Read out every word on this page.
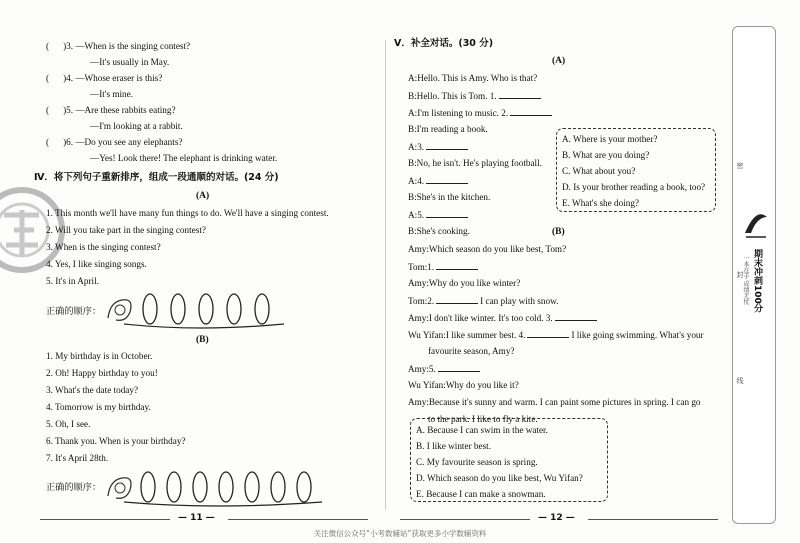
( )3. —When is the singing contest?
—It's usually in May.
( )4. —Whose eraser is this?
—It's mine.
( )5. —Are these rabbits eating?
—I'm looking at a rabbit.
( )6. —Do you see any elephants?
—Yes! Look there! The elephant is drinking water.
Ⅳ．将下列句子重新排序，组成一段通顺的对话。(24 分)
(A)
1. This month we'll have many fun things to do. We'll have a singing contest.
2. Will you take part in the singing contest?
3. When is the singing contest?
4. Yes, I like singing songs.
5. It's in April.
正确的顺序：
(B)
1. My birthday is in October.
2. Oh! Happy birthday to you!
3. What's the date today?
4. Tomorrow is my birthday.
5. Oh, I see.
6. Thank you. When is your birthday?
7. It's April 28th.
正确的顺序：
— 11 —
Ⅴ．补全对话。(30 分)
(A)
A:Hello. This is Amy. Who is that?
B:Hello. This is Tom. 1.
A:I'm listening to music. 2.
B:I'm reading a book.
A:3.
B:No, he isn't. He's playing football.
A:4.
B:She's in the kitchen.
A:5.
B:She's cooking.
A. Where is your mother?
B. What are you doing?
C. What about you?
D. Is your brother reading a book, too?
E. What's she doing?
(B)
Amy:Which season do you like best, Tom?
Tom:1.
Amy:Why do you like winter?
Tom:2.	I can play with snow.
Amy:I don't like winter. It's too cold. 3.
Wu Yifan:I like summer best. 4.	I like going swimming. What's your
favourite season, Amy?
Amy:5.
Wu Yifan:Why do you like it?
Amy:Because it's sunny and warm. I can paint some pictures in spring. I can go
to the park. I like to fly a kite.
A. Because I can swim in the water.
B. I like winter best.
C. My favourite season is spring.
D. Which season do you like best, Wu Yifan?
E. Because I can make a snowman.
— 12 —
密
封
线
期末冲刺100分
一本在手 成绩无忧
关注微信公众号“小考数辅站”获取更多小学数辅资料
